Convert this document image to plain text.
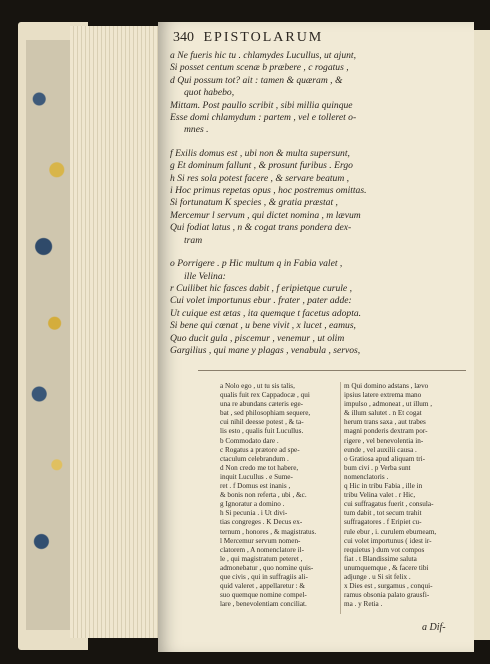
340 EPISTOLARUM
a Ne fueris hic tu . chlamydes Lucullus, ut ajunt,
Si posset centum scenæ b præbere , c rogatus ,
d Qui possum tot? ait : tamen & quæram , &
quot habebo,
Mittam. Post paullo scribit , sibi millia quinque
Esse domi chlamydum : partem , vel e tolleret o-
mnes .
f Exilis domus est , ubi non & multa supersunt,
g Et dominum fallunt , & prosunt furibus . Ergo
h Si res sola potest facere , & servare beatum ,
i Hoc primus repetas opus , hoc postremus omittas.
Si fortunatum K species , & gratia præstat ,
Mercemur l servum , qui dictet nomina , m lævum
Qui fodiat latus , n & cogat trans pondera dex-
tram
o Porrigere . p Hic multum q in Fabia valet ,
ille Velina:
r Cuilibet hic fasces dabit , f eripietque curule ,
Cui volet importunus ebur . frater , pater adde:
Ut cuique est ætas , ita quemque t facetus adopta.
Si bene qui cœnat , u bene vivit , x lucet , eamus,
Quo ducit gula , piscemur , venemur , ut olim
Gargilius , qui mane y plagas , venabula , servos,
a Nolo ego , ut tu sis talis,
qualis fuit rex Cappadocæ , qui
una re abundans cæteris ege-
bat , sed philosophiam sequere,
cui nihil deesse potest , & ta-
lis esto , qualis fuit Lucullus.
b Commodato dare .
c Rogatus a prætore ad spe-
ctaculum celebrandum .
d Non credo me tot habere,
inquit Lucullus . e Sume-
ret . f Domus est inanis ,
& bonis non referta , ubi , &c.
g Ignoratur a domino .
h Si pecunia . i Ut divi-
tias congreges . K Decus ex-
ternum , honores , & magistratus.
l Mercemur servum nomen-
clatorem , A nomenclatore il-
le , qui magistratum peteret ,
admonebatur , quo nomine quis-
que civis , qui in suffragiis ali-
quid valeret , appellaretur : &
suo quemque nomine compel-
lare , benevolentiam conciliat.
m Qui domino adstans , lævo
ipsius latere extrema mano
impulso , admoneat , ut illum ,
& illum salutet . n Et cogat
herum trans saxa , aut trabes
magni ponderis dextram por-
rigere , vel benevolentia in-
eunde , vel auxilii causa .
o Gratiosa apud aliquam tri-
bum civi . p Verba sunt
nomenclatoris .
q Hic in tribu Fabia , ille in
tribu Velina valet . r Hic,
cui suffragatus fuerit , consula-
tum dabit , tot secum trahit
suffragatores . f Eripiet cu-
rule ebur , i. curulem eburneam,
cui volet importunus ( idest ir-
requietus ) dum vot compos
fiat . t Blandissime saluta
unumquemque , & facere tibi
adjunge . u Si sit felix .
x Dies est , surgamus , conqui-
ramus obsonia palato grausfi-
ma . y Retia .
a Dif-
